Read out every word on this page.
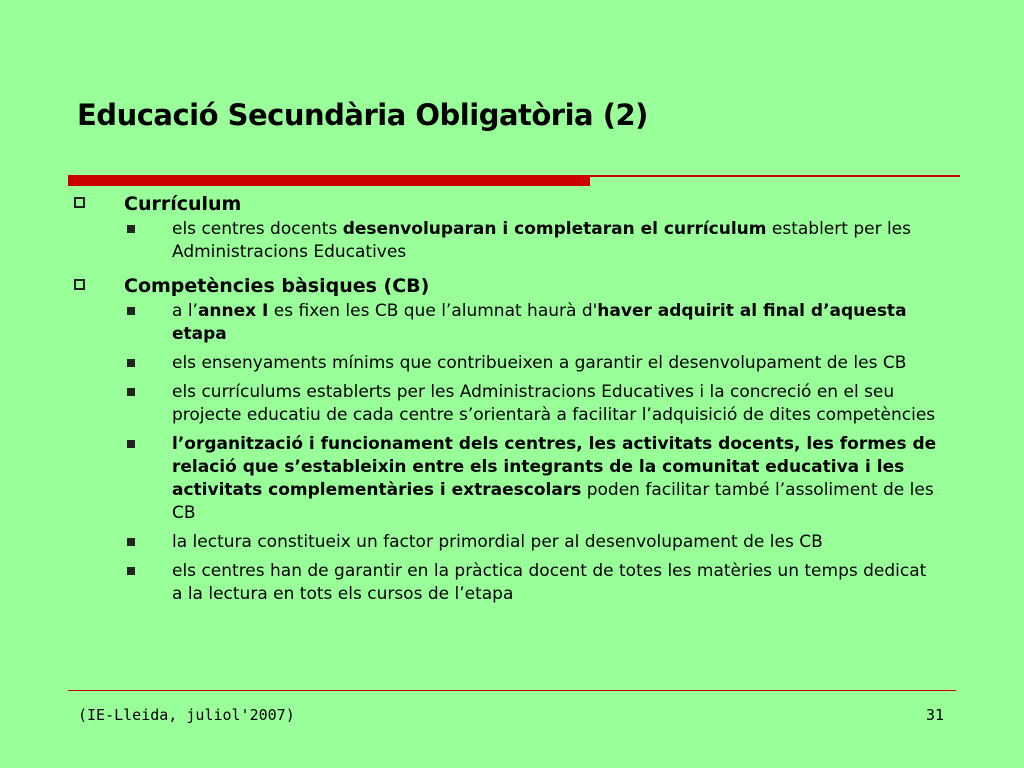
Educació Secundària Obligatòria (2)
Currículum
els centres docents desenvoluparan i completaran el currículum establert per les Administracions Educatives
Competències bàsiques (CB)
a l’annex I es fixen les CB que l’alumnat haurà d'haver adquirit al final d’aquesta etapa
els ensenyaments mínims que contribueixen a garantir el desenvolupament de les CB
els currículums establerts per les Administracions Educatives i la concreció en el seu projecte educatiu de cada centre s’orientarà a facilitar l’adquisició de dites competències
l’organització i funcionament dels centres, les activitats docents, les formes de relació que s’estableixin entre els integrants de la comunitat educativa i les activitats complementàries i extraescolars poden facilitar també l’assoliment de les CB
la lectura constitueix un factor primordial per al desenvolupament de les CB
els centres han de garantir en la pràctica docent de totes les matèries un temps dedicat a la lectura en tots els cursos de l’etapa
(IE-Lleida, juliol'2007)	31
